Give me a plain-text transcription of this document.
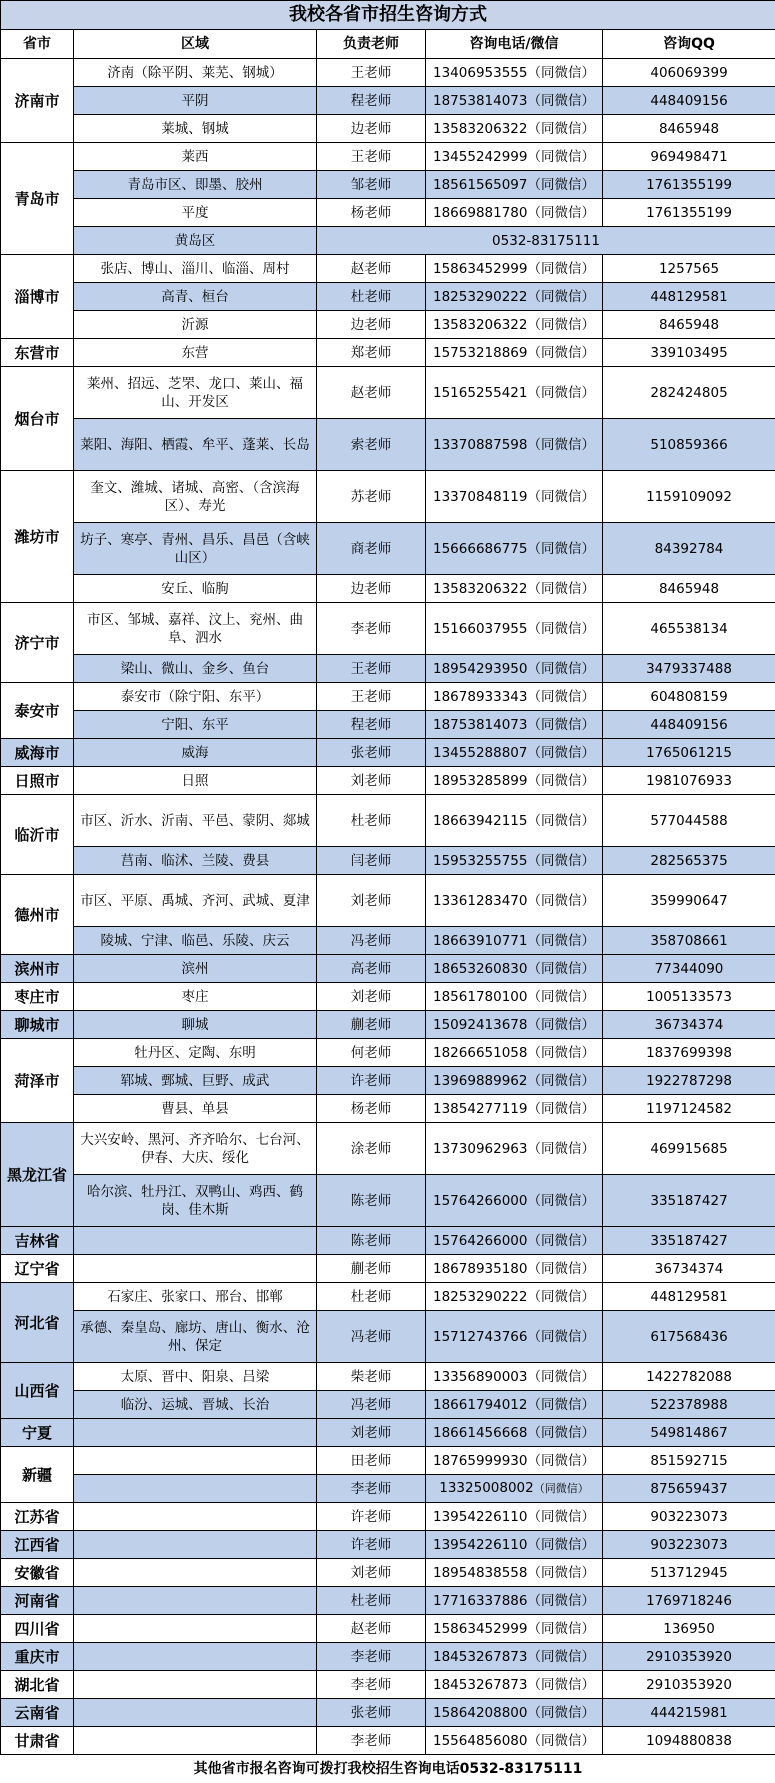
我校各省市招生咨询方式				
省市	区域	负责老师	咨询电话/微信	咨询QQ
济南市	济南（除平阴、莱芜、钢城）	王老师	13406953555（同微信）	406069399
	平阴	程老师	18753814073（同微信）	448409156
	莱城、钢城	边老师	13583206322（同微信）	8465948
青岛市	莱西	王老师	13455242999（同微信）	969498471
	青岛市区、即墨、胶州	邹老师	18561565097（同微信）	1761355199
	平度	杨老师	18669881780（同微信）	1761355199
	黄岛区	0532-83175111		
淄博市	张店、博山、淄川、临淄、周村	赵老师	15863452999（同微信）	1257565
	高青、桓台	杜老师	18253290222（同微信）	448129581
	沂源	边老师	13583206322（同微信）	8465948
东营市	东营	郑老师	15753218869（同微信）	339103495
烟台市	莱州、招远、芝罘、龙口、莱山、福山、开发区	赵老师	15165255421（同微信）	282424805
	莱阳、海阳、栖霞、牟平、蓬莱、长岛	索老师	13370887598（同微信）	510859366
潍坊市	奎文、潍城、诸城、高密、（含滨海区）、寿光	苏老师	13370848119（同微信）	1159109092
	坊子、寒亭、青州、昌乐、昌邑（含峡山区）	商老师	15666686775（同微信）	84392784
	安丘、临朐	边老师	13583206322（同微信）	8465948
济宁市	市区、邹城、嘉祥、汶上、兖州、曲阜、泗水	李老师	15166037955（同微信）	465538134
	梁山、微山、金乡、鱼台	王老师	18954293950（同微信）	3479337488
泰安市	泰安市（除宁阳、东平）	王老师	18678933343（同微信）	604808159
	宁阳、东平	程老师	18753814073（同微信）	448409156
威海市	威海	张老师	13455288807（同微信）	1765061215
日照市	日照	刘老师	18953285899（同微信）	1981076933
临沂市	市区、沂水、沂南、平邑、蒙阴、郯城	杜老师	18663942115（同微信）	577044588
	莒南、临沭、兰陵、费县	闫老师	15953255755（同微信）	282565375
德州市	市区、平原、禹城、齐河、武城、夏津	刘老师	13361283470（同微信）	359990647
	陵城、宁津、临邑、乐陵、庆云	冯老师	18663910771（同微信）	358708661
滨州市	滨州	高老师	18653260830（同微信）	77344090
枣庄市	枣庄	刘老师	18561780100（同微信）	1005133573
聊城市	聊城	蒯老师	15092413678（同微信）	36734374
菏泽市	牡丹区、定陶、东明	何老师	18266651058（同微信）	1837699398
	郓城、鄄城、巨野、成武	许老师	13969889962（同微信）	1922787298
	曹县、单县	杨老师	13854277119（同微信）	1197124582
黑龙江省	大兴安岭、黑河、齐齐哈尔、七台河、伊春、大庆、绥化	涂老师	13730962963（同微信）	469915685
	哈尔滨、牡丹江、双鸭山、鸡西、鹤岗、佳木斯	陈老师	15764266000（同微信）	335187427
吉林省		陈老师	15764266000（同微信）	335187427
辽宁省		蒯老师	18678935180（同微信）	36734374
河北省	石家庄、张家口、邢台、邯郸	杜老师	18253290222（同微信）	448129581
	承德、秦皇岛、廊坊、唐山、衡水、沧州、保定	冯老师	15712743766（同微信）	617568436
山西省	太原、晋中、阳泉、吕梁	柴老师	13356890003（同微信）	1422782088
	临汾、运城、晋城、长治	冯老师	18661794012（同微信）	522378988
宁夏		刘老师	18661456668（同微信）	549814867
新疆		田老师	18765999930（同微信）	851592715
		李老师	13325008002（同微信）	875659437
江苏省		许老师	13954226110（同微信）	903223073
江西省		许老师	13954226110（同微信）	903223073
安徽省		刘老师	18954838558（同微信）	513712945
河南省		杜老师	17716337886（同微信）	1769718246
四川省		赵老师	15863452999（同微信）	136950
重庆市		李老师	18453267873（同微信）	2910353920
湖北省		李老师	18453267873（同微信）	2910353920
云南省		张老师	15864208800（同微信）	444215981
甘肃省		李老师	15564856080（同微信）	1094880838
其他省市报名咨询可拨打我校招生咨询电话0532-83175111				
